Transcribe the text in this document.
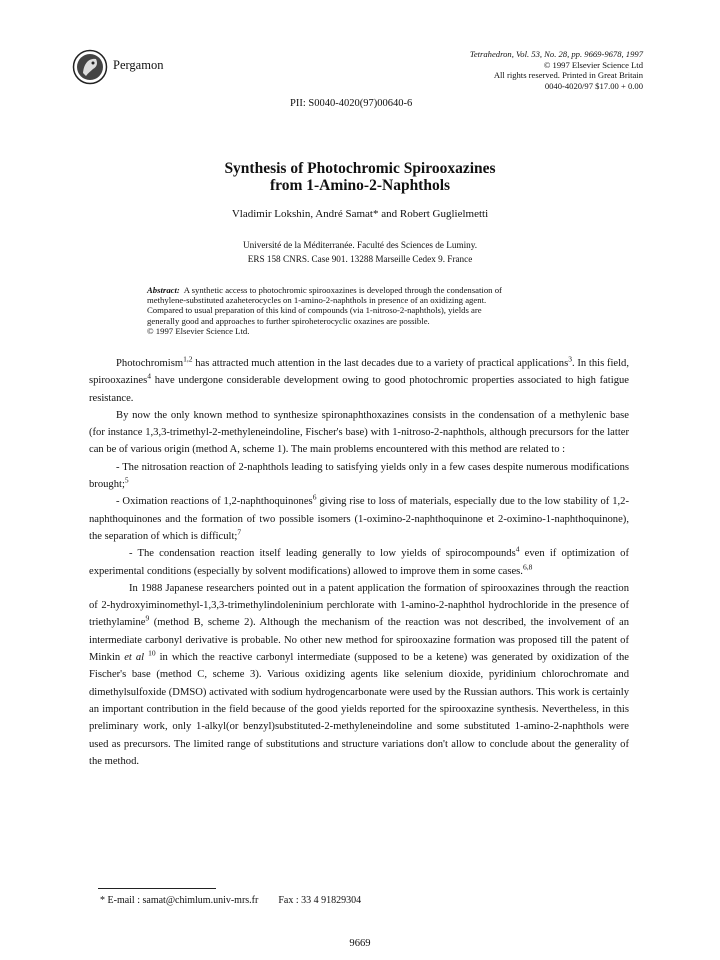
Pergamon
Tetrahedron, Vol. 53, No. 28, pp. 9669-9678, 1997
© 1997 Elsevier Science Ltd
All rights reserved. Printed in Great Britain
0040-4020/97 $17.00 + 0.00
PII: S0040-4020(97)00640-6
Synthesis of Photochromic Spirooxazines
from 1-Amino-2-Naphthols
Vladimir Lokshin, André Samat* and Robert Guglielmetti
Université de la Méditerranée. Faculté des Sciences de Luminy.
ERS 158 CNRS. Case 901. 13288 Marseille Cedex 9. France
Abstract: A synthetic access to photochromic spirooxazines is developed through the condensation of
methylene-substituted azaheterocycles on 1-amino-2-naphthols in presence of an oxidizing agent.
Compared to usual preparation of this kind of compounds (via 1-nitroso-2-naphthols), yields are
generally good and approaches to further spiroheterocyclic oxazines are possible.
© 1997 Elsevier Science Ltd.

Photochromism$^{1,2}$ has attracted much attention in the last decades due to a variety of practical applications$^3$. In this field, spirooxazines$^4$ have undergone considerable development owing to good photochromic properties associated to high fatigue resistance.

By now the only known method to synthesize spironaphthoxazines consists in the condensation of a methylenic base (for instance 1,3,3-trimethyl-2-methyleneindoline, Fischer's base) with 1-nitroso-2-naphthols, although precursors for the latter can be of various origin (method A, scheme 1). The main problems encountered with this method are related to :

- The nitrosation reaction of 2-naphthols leading to satisfying yields only in a few cases despite numerous modifications brought;$^5$

- Oximation reactions of 1,2-naphthoquinones$^6$ giving rise to loss of materials, especially due to the low stability of 1,2-naphthoquinones and the formation of two possible isomers (1-oximino-2-naphthoquinone et 2-oximino-1-naphthoquinone), the separation of which is difficult;$^7$

- The condensation reaction itself leading generally to low yields of spirocompounds$^4$ even if optimization of experimental conditions (especially by solvent modifications) allowed to improve them in some cases.$^{6,8}$

In 1988 Japanese researchers pointed out in a patent application the formation of spirooxazines through the reaction of 2-hydroxyiminomethyl-1,3,3-trimethylindoleninium perchlorate with 1-amino-2-naphthol hydrochloride in the presence of triethylamine$^9$ (method B, scheme 2). Although the mechanism of the reaction was not described, the involvement of an intermediate carbonyl derivative is probable. No other new method for spirooxazine formation was proposed till the patent of Minkin et al $^{10}$ in which the reactive carbonyl intermediate (supposed to be a ketene) was generated by oxidization of the Fischer's base (method C, scheme 3). Various oxidizing agents like selenium dioxide, pyridinium chlorochromate and dimethylsulfoxide (DMSO) activated with sodium hydrogencarbonate were used by the Russian authors. This work is certainly an important contribution in the field because of the good yields reported for the spirooxazine synthesis. Nevertheless, in this preliminary work, only 1-alkyl(or benzyl)substituted-2-methyleneindoline and some substituted 1-amino-2-naphthols were used as precursors. The limited range of substitutions and structure variations don't allow to conclude about the generality of the method.

* E-mail : samat@chimlum.univ-mrs.fr        Fax : 33 4 91829304
9669
